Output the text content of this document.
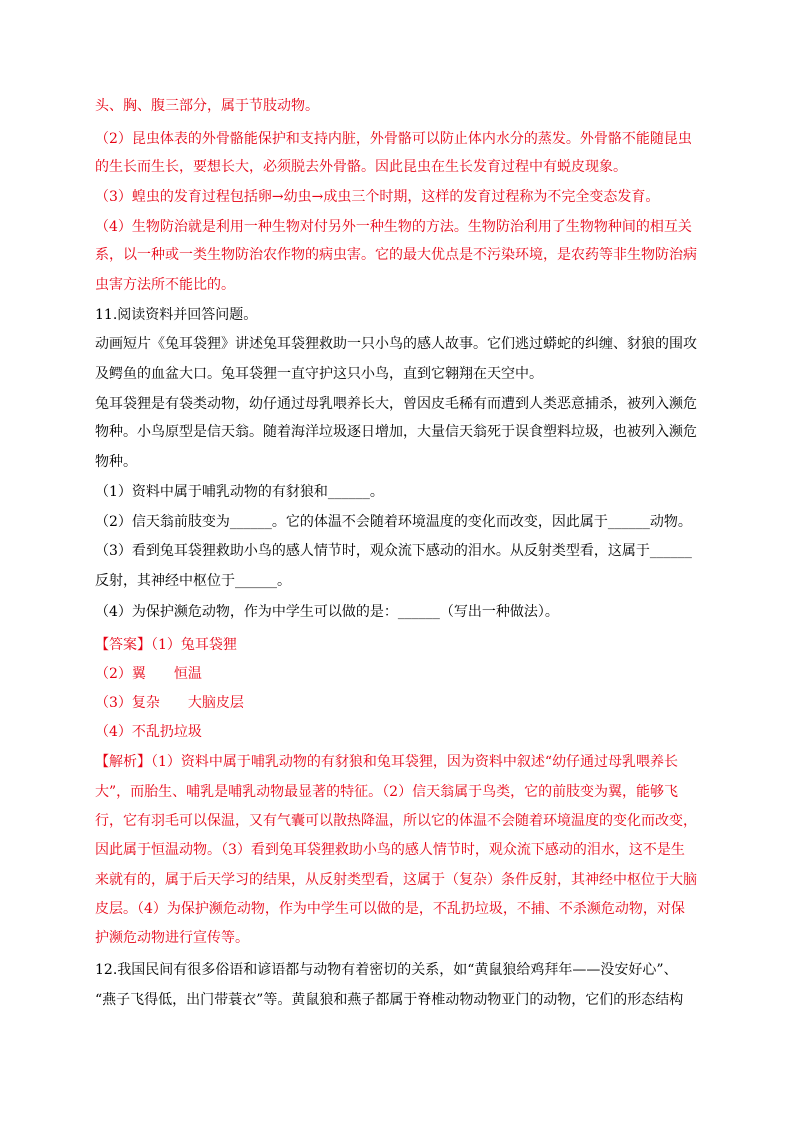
头、胸、腹三部分，属于节肢动物。
（2）昆虫体表的外骨骼能保护和支持内脏，外骨骼可以防止体内水分的蒸发。外骨骼不能随昆虫
的生长而生长，要想长大，必须脱去外骨骼。因此昆虫在生长发育过程中有蜕皮现象。
（3）蝗虫的发育过程包括卵→幼虫→成虫三个时期，这样的发育过程称为不完全变态发育。
（4）生物防治就是利用一种生物对付另外一种生物的方法。生物防治利用了生物物种间的相互关
系，以一种或一类生物防治农作物的病虫害。它的最大优点是不污染环境，是农药等非生物防治病
虫害方法所不能比的。
11.阅读资料并回答问题。
动画短片《兔耳袋狸》讲述兔耳袋狸救助一只小鸟的感人故事。它们逃过蟒蛇的纠缠、豺狼的围攻
及鳄鱼的血盆大口。兔耳袋狸一直守护这只小鸟，直到它翱翔在天空中。
兔耳袋狸是有袋类动物，幼仔通过母乳喂养长大，曾因皮毛稀有而遭到人类恶意捕杀，被列入濒危
物种。小鸟原型是信天翁。随着海洋垃圾逐日增加，大量信天翁死于误食塑料垃圾，也被列入濒危
物种。
（1）资料中属于哺乳动物的有豺狼和______。
（2）信天翁前肢变为______。它的体温不会随着环境温度的变化而改变，因此属于______动物。
（3）看到兔耳袋狸救助小鸟的感人情节时，观众流下感动的泪水。从反射类型看，这属于______
反射，其神经中枢位于______。
（4）为保护濒危动物，作为中学生可以做的是：______（写出一种做法）。
【答案】（1）兔耳袋狸
（2）翼　　恒温
（3）复杂　　大脑皮层
（4）不乱扔垃圾
【解析】（1）资料中属于哺乳动物的有豺狼和兔耳袋狸，因为资料中叙述“幼仔通过母乳喂养长
大”，而胎生、哺乳是哺乳动物最显著的特征。（2）信天翁属于鸟类，它的前肢变为翼，能够飞
行，它有羽毛可以保温，又有气囊可以散热降温，所以它的体温不会随着环境温度的变化而改变，
因此属于恒温动物。（3）看到兔耳袋狸救助小鸟的感人情节时，观众流下感动的泪水，这不是生
来就有的，属于后天学习的结果，从反射类型看，这属于（复杂）条件反射，其神经中枢位于大脑
皮层。（4）为保护濒危动物，作为中学生可以做的是，不乱扔垃圾，不捕、不杀濒危动物，对保
护濒危动物进行宣传等。
12.我国民间有很多俗语和谚语都与动物有着密切的关系，如“黄鼠狼给鸡拜年——没安好心”、
“燕子飞得低，出门带蓑衣”等。黄鼠狼和燕子都属于脊椎动物动物亚门的动物，它们的形态结构
